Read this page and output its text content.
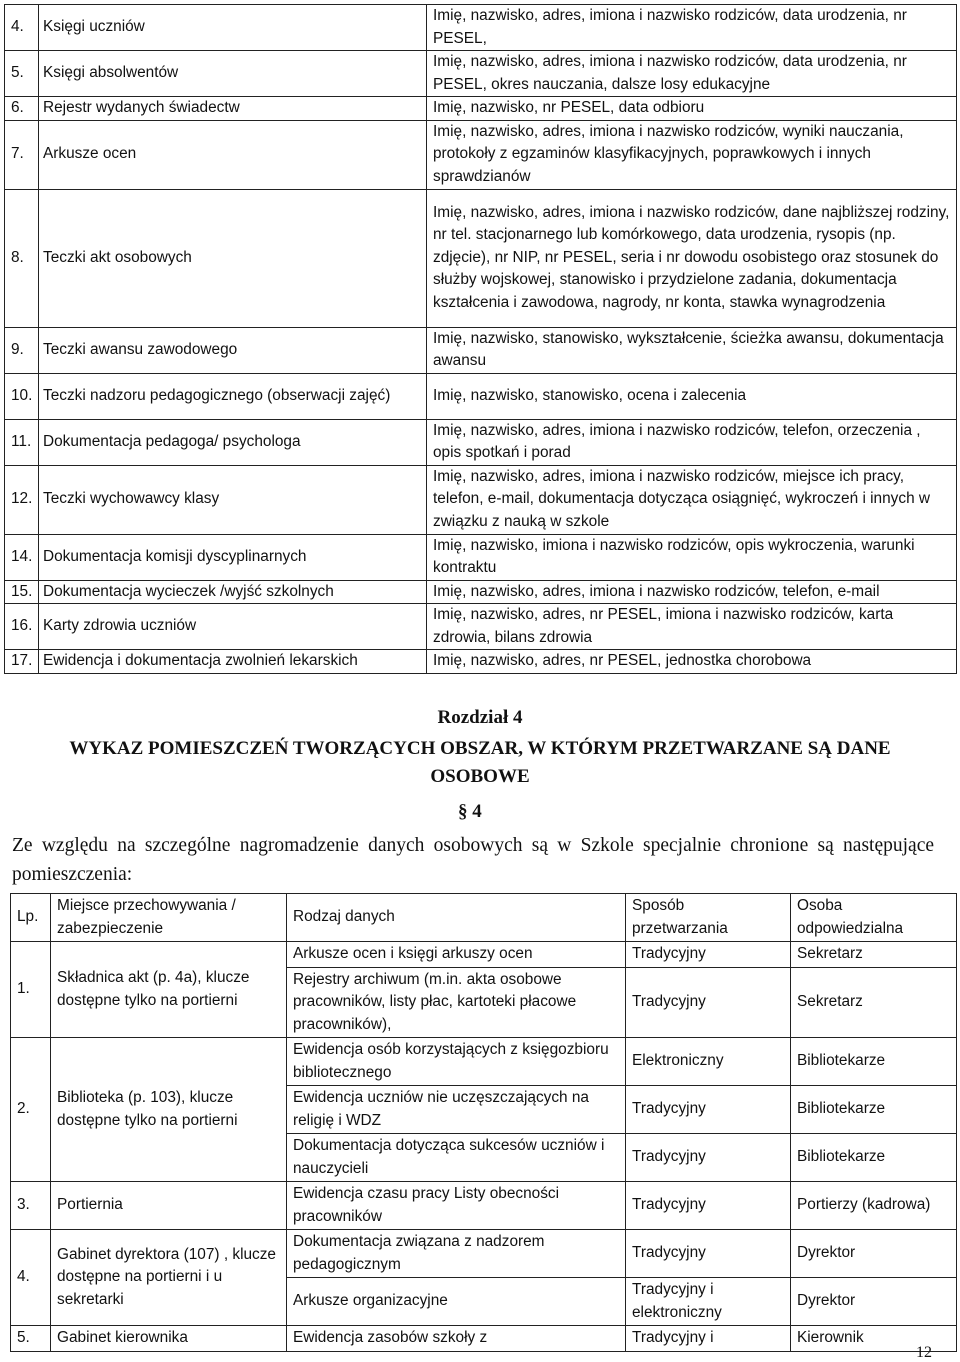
4.	Księgi uczniów	Imię, nazwisko, adres, imiona i nazwisko rodziców, data urodzenia, nr PESEL,
5.	Księgi absolwentów	Imię, nazwisko, adres, imiona i nazwisko rodziców, data urodzenia, nr PESEL, okres nauczania, dalsze losy edukacyjne
6.	Rejestr wydanych świadectw	Imię, nazwisko, nr PESEL, data odbioru
7.	Arkusze ocen	Imię, nazwisko, adres, imiona i nazwisko rodziców, wyniki nauczania, protokoły z egzaminów klasyfikacyjnych, poprawkowych i innych sprawdzianów
8.	Teczki akt osobowych	Imię, nazwisko, adres, imiona i nazwisko rodziców, dane najbliższej rodziny, nr tel. stacjonarnego lub komórkowego, data urodzenia, rysopis (np. zdjęcie), nr NIP, nr PESEL, seria i nr dowodu osobistego oraz stosunek do służby wojskowej, stanowisko i przydzielone zadania, dokumentacja kształcenia i zawodowa, nagrody, nr konta, stawka wynagrodzenia
9.	Teczki awansu zawodowego	Imię, nazwisko, stanowisko, wykształcenie, ścieżka awansu, dokumentacja awansu
10.	Teczki nadzoru pedagogicznego (obserwacji zajęć)	Imię, nazwisko, stanowisko, ocena i zalecenia
11.	Dokumentacja pedagoga/ psychologa	Imię, nazwisko, adres, imiona i nazwisko rodziców, telefon, orzeczenia , opis spotkań i porad
12.	Teczki wychowawcy klasy	Imię, nazwisko, adres, imiona i nazwisko rodziców, miejsce ich pracy, telefon, e-mail, dokumentacja dotycząca osiągnięć, wykroczeń i innych w związku z nauką w szkole
14.	Dokumentacja komisji dyscyplinarnych	Imię, nazwisko, imiona i nazwisko rodziców, opis wykroczenia, warunki kontraktu
15.	Dokumentacja wycieczek /wyjść szkolnych	Imię, nazwisko, adres, imiona i nazwisko rodziców, telefon, e-mail
16.	Karty zdrowia uczniów	Imię, nazwisko, adres, nr PESEL, imiona i nazwisko rodziców, karta zdrowia, bilans zdrowia
17.	Ewidencja i dokumentacja zwolnień lekarskich	Imię, nazwisko, adres, nr PESEL, jednostka chorobowa
Rozdział 4
WYKAZ POMIESZCZEŃ TWORZĄCYCH OBSZAR, W KTÓRYM PRZETWARZANE SĄ DANE OSOBOWE
§ 4
Ze względu na szczególne nagromadzenie danych osobowych są w Szkole specjalnie chronione są następujące pomieszczenia:
Lp.	Miejsce przechowywania / zabezpieczenie	Rodzaj danych	Sposób przetwarzania	Osoba odpowiedzialna
1.	Składnica akt (p. 4a), klucze dostępne tylko na portierni	Arkusze ocen i księgi arkuszy ocen	Tradycyjny	Sekretarz
		Rejestry archiwum (m.in. akta osobowe pracowników, listy płac, kartoteki płacowe pracowników),	Tradycyjny	Sekretarz
2.	Biblioteka (p. 103), klucze dostępne tylko na portierni	Ewidencja osób korzystających z księgozbioru bibliotecznego	Elektroniczny	Bibliotekarze
		Ewidencja uczniów nie uczęszczających na religię i WDZ	Tradycyjny	Bibliotekarze
		Dokumentacja dotycząca sukcesów uczniów i nauczycieli	Tradycyjny	Bibliotekarze
3.	Portiernia	Ewidencja czasu pracy Listy obecności pracowników	Tradycyjny	Portierzy (kadrowa)
4.	Gabinet dyrektora (107) , klucze dostępne na portierni i u sekretarki	Dokumentacja związana z nadzorem pedagogicznym	Tradycyjny	Dyrektor
		Arkusze organizacyjne	Tradycyjny i elektroniczny	Dyrektor
5.	Gabinet kierownika	Ewidencja zasobów szkoły z	Tradycyjny i	Kierownik
12
